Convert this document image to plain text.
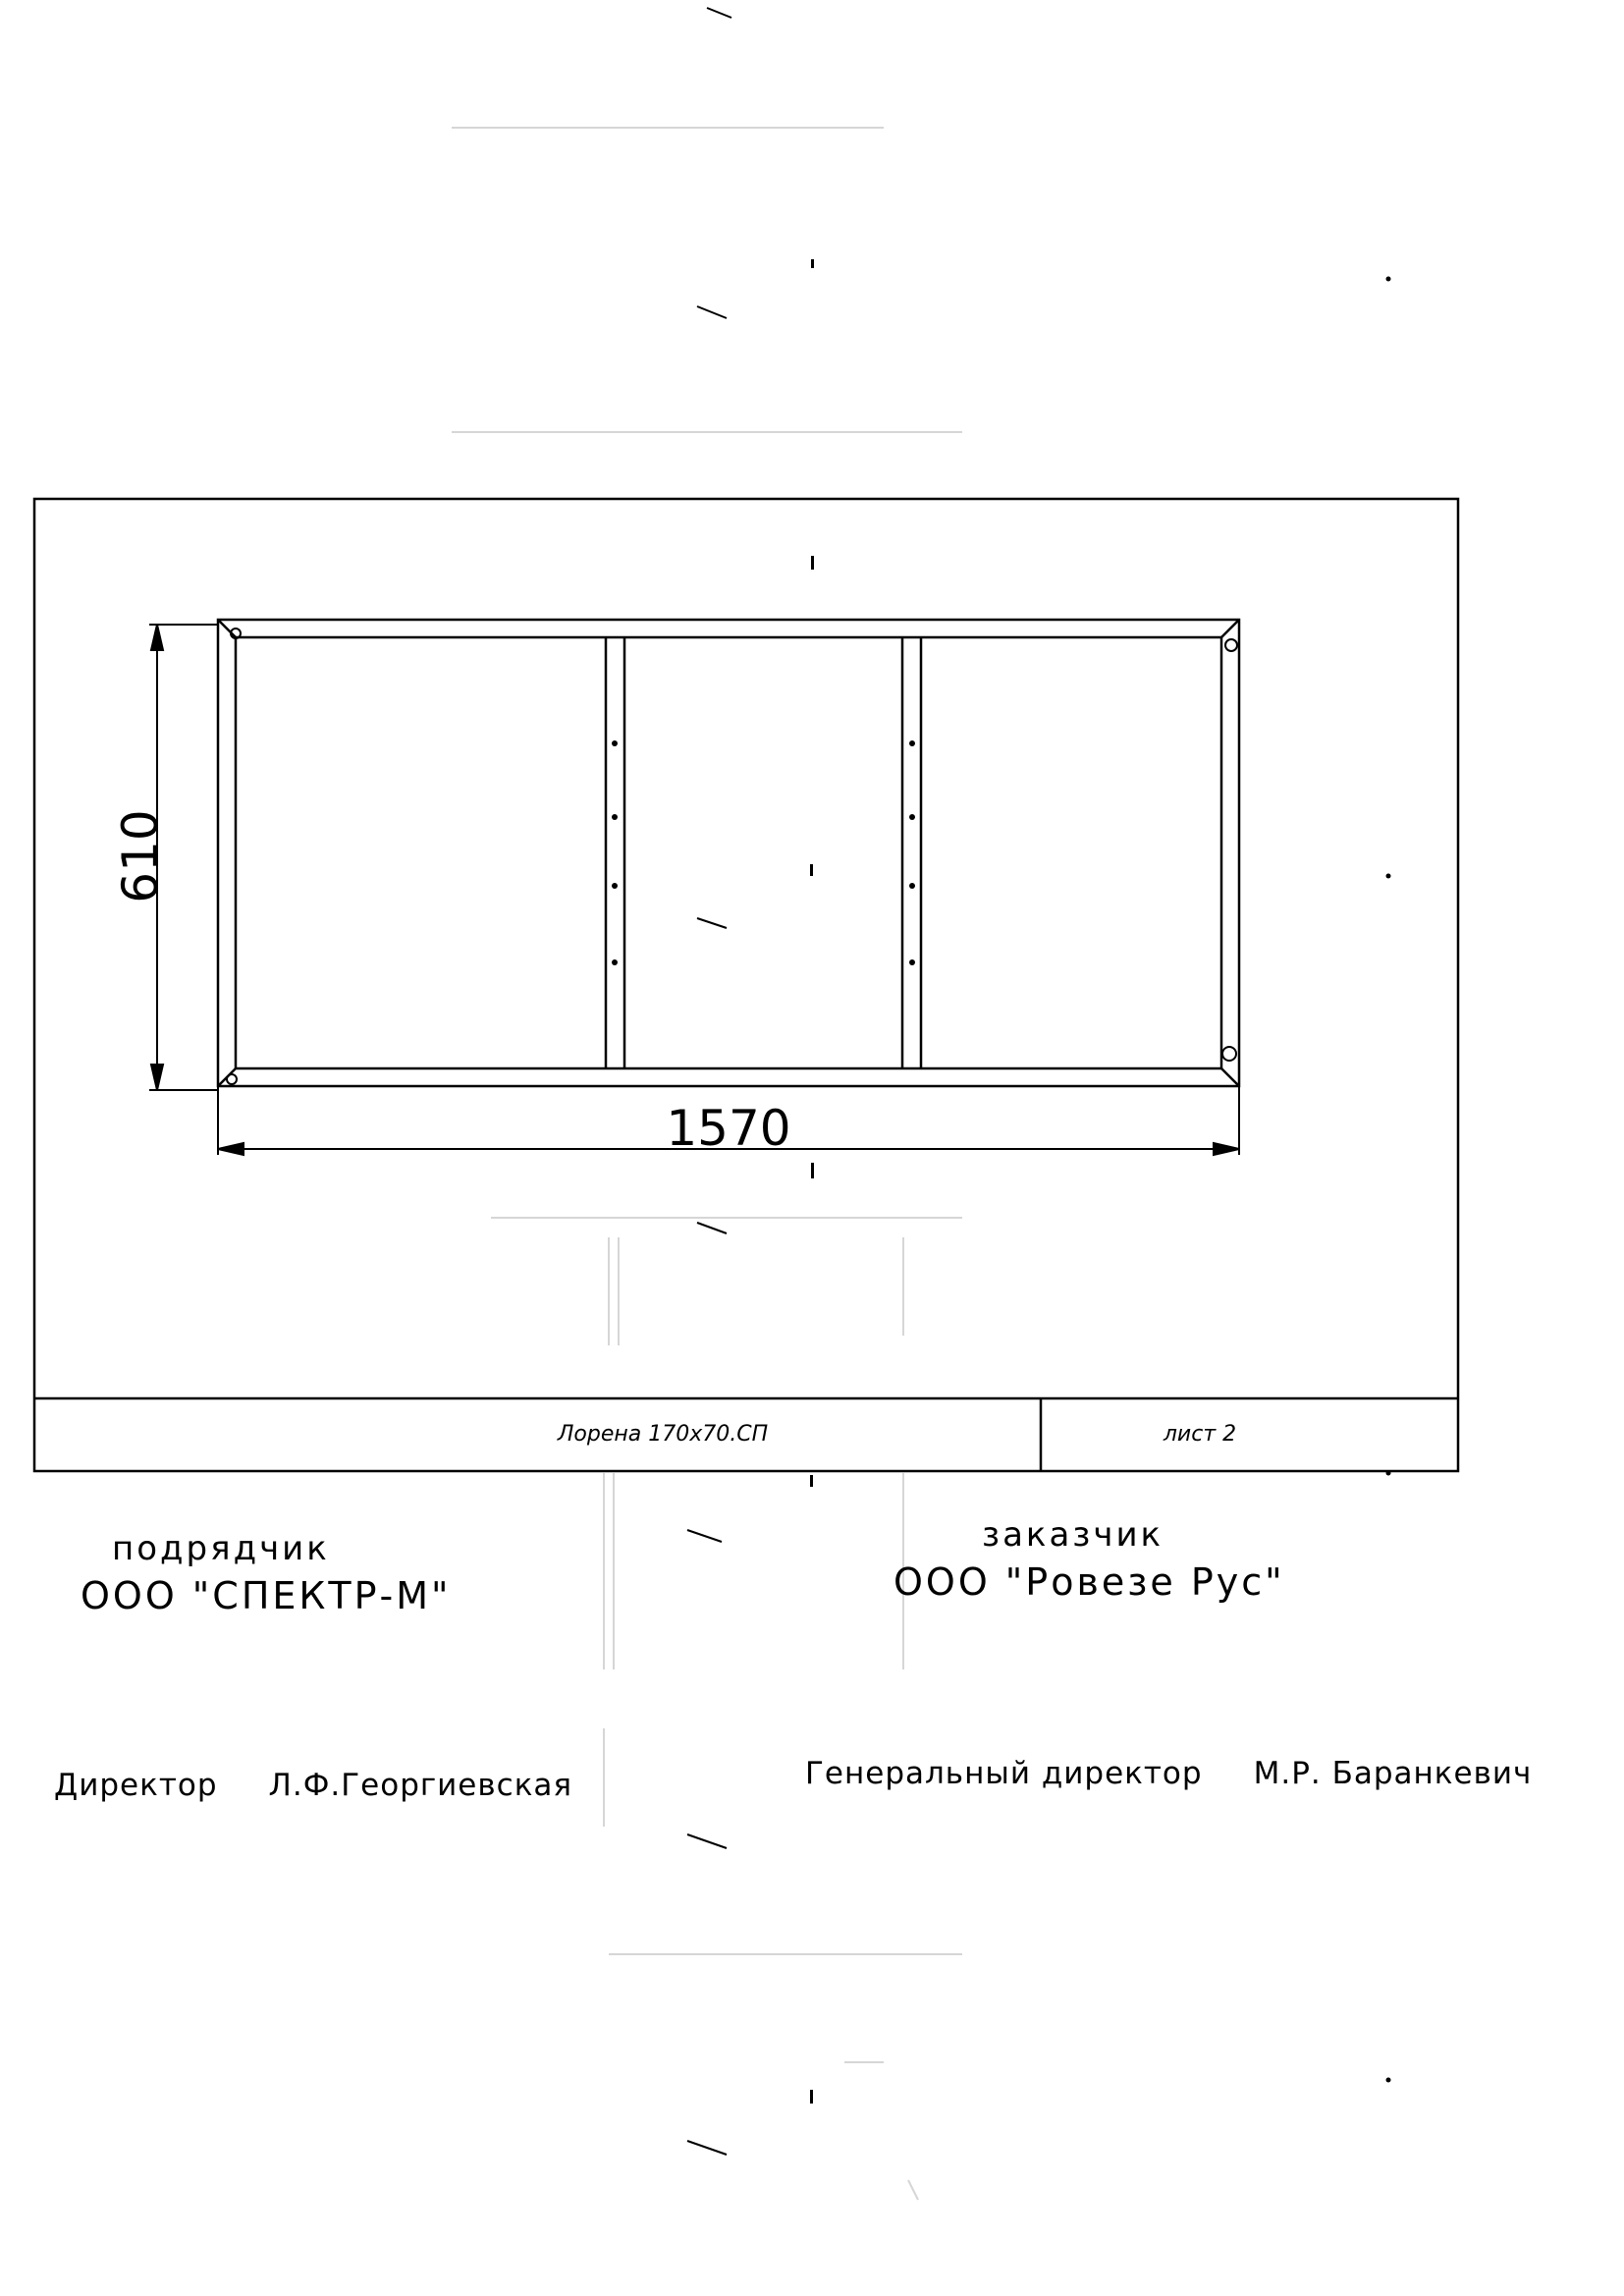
Лорена 170x70.СП	лист 2
610
1570
подрядчик
ООО "СПЕКТР-М"
заказчик
ООО "Ровезе Рус"
Директор Л.Ф.Георгиевская	Генеральный директор М.Р. Баранкевич
